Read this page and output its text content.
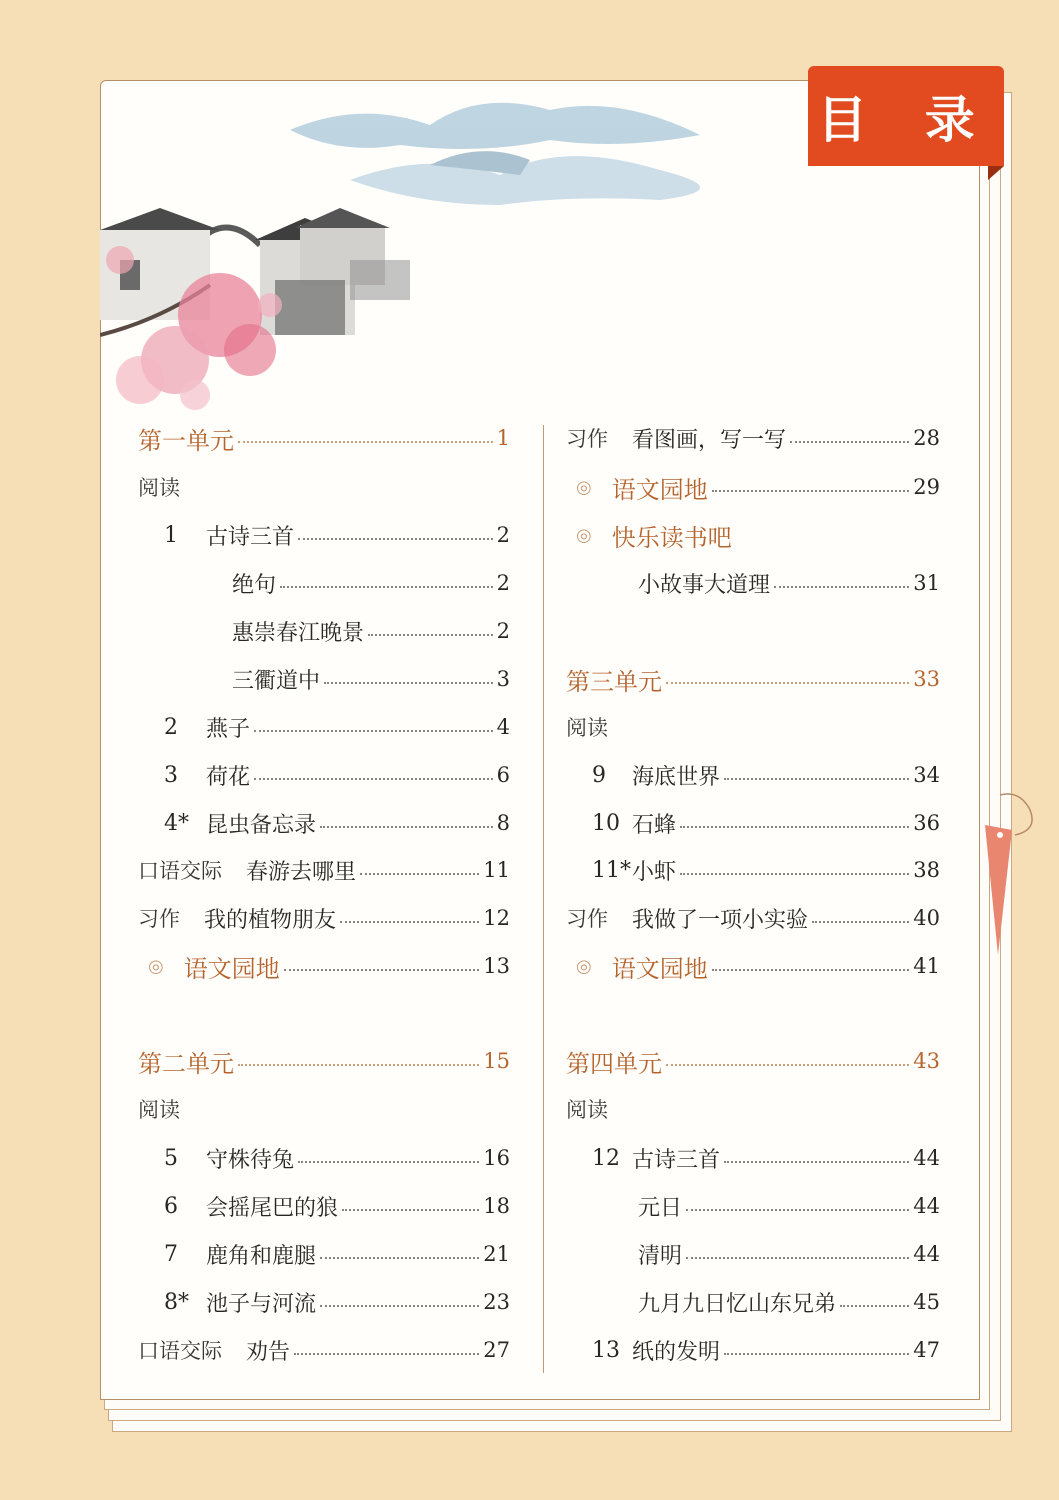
目 录
第一单元	1
阅读
1	古诗三首	2
绝句	2
惠崇春江晚景	2
三衢道中	3
2	燕子	4
3	荷花	6
4* 昆虫备忘录	8
口语交际 春游去哪里	11
习作 我的植物朋友	12
◎ 语文园地	13
第二单元	15
阅读
5	守株待兔	16
6	会摇尾巴的狼	18
7	鹿角和鹿腿	21
8* 池子与河流	23
口语交际 劝告	27
习作 看图画，写一写	28
◎ 语文园地	29
◎ 快乐读书吧
小故事大道理	31
第三单元	33
阅读
9	海底世界	34
10 石蜂	36
11* 小虾	38
习作 我做了一项小实验	40
◎ 语文园地	41
第四单元	43
阅读
12 古诗三首	44
元日	44
清明	44
九月九日忆山东兄弟	45
13 纸的发明	47
